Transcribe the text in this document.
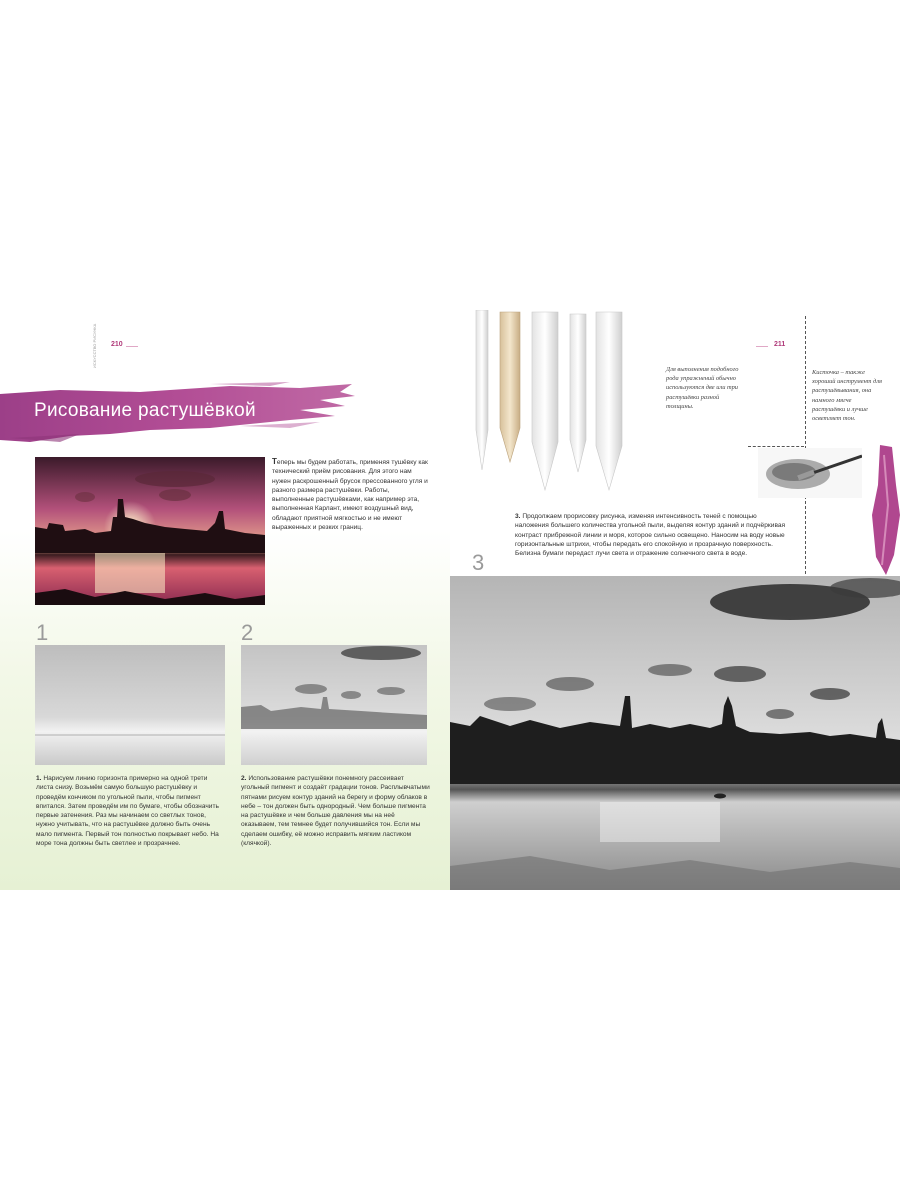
ИСКУССТВО РИСУНКА 210
Рисование растушёвкой
Теперь мы будем работать, применяя тушёвку как технический приём рисования. Для этого нам нужен раскрошенный брусок прессованного угля и разного размера растушёвки. Работы, выполненные растушёвками, как например эта, выполненная Карлант, имеют воздушный вид, обладают приятной мягкостью и не имеют выраженных и резких границ.
1
1. Нарисуем линию горизонта примерно на одной трети листа снизу. Возьмём самую большую растушёвку и проведём кончиком по угольной пыли, чтобы пигмент впитался. Затем проведём им по бумаге, чтобы обозначить первые затенения. Раз мы начинаем со светлых тонов, нужно учитывать, что на растушёвке должно быть очень мало пигмента. Первый тон полностью покрывает небо. На море тона должны быть светлее и прозрачнее.
2
2. Использование растушёвки понемногу рассеивает угольный пигмент и создаёт градации тонов. Расплывчатыми пятнами рисуем контур зданий на берегу и форму облаков в небе – тон должен быть однородный. Чем больше пигмента на растушёвке и чем больше давления мы на неё оказываем, тем темнее будет получившийся тон. Если мы сделаем ошибку, её можно исправить мягким ластиком (клячкой).
211
Для выполнения подобного рода упражнений обычно используются две или три растушёвки разной толщины.
Кисточка – также хороший инструмент для растушёвывания, она намного мягче растушёвки и лучше осветляет тон.
3. Продолжаем прорисовку рисунка, изменяя интенсивность теней с помощью наложения большего количества угольной пыли, выделяя контур зданий и подчёркивая контраст прибрежной линии и моря, которое сильно освещено. Наносим на воду новые горизонтальные штрихи, чтобы передать его спокойную и прозрачную поверхность. Белизна бумаги передаст лучи света и отражение солнечного света в воде.
3
